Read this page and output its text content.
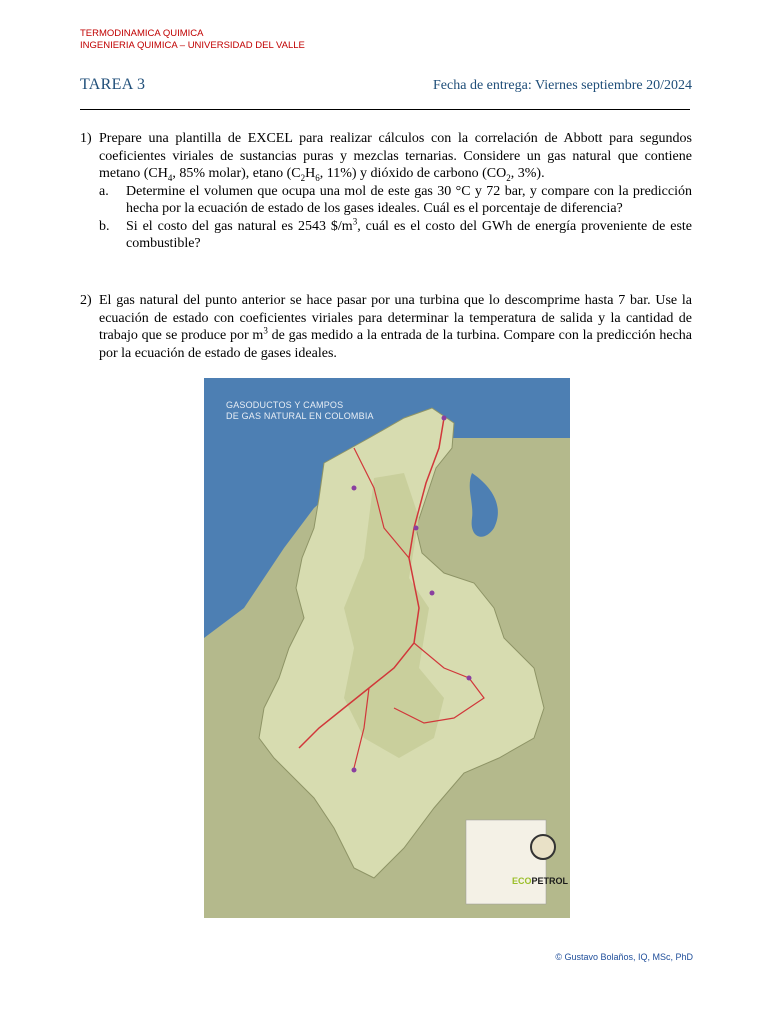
TERMODINAMICA QUIMICA
INGENIERIA QUIMICA – UNIVERSIDAD DEL VALLE
TAREA 3	Fecha de entrega: Viernes septiembre 20/2024
1) Prepare una plantilla de EXCEL para realizar cálculos con la correlación de Abbott para segundos coeficientes viriales de sustancias puras y mezclas ternarias. Considere un gas natural que contiene metano ($CH_4$, 85% molar), etano ($C_2H_6$, 11%) y dióxido de carbono ($CO_2$, 3%).
a. Determine el volumen que ocupa una mol de este gas 30 °C y 72 bar, y compare con la predicción hecha por la ecuación de estado de los gases ideales. Cuál es el porcentaje de diferencia?
b. Si el costo del gas natural es 2543 $\$/m^3$, cuál es el costo del GWh de energía proveniente de este combustible?
2) El gas natural del punto anterior se hace pasar por una turbina que lo descomprime hasta 7 bar. Use la ecuación de estado con coeficientes viriales para determinar la temperatura de salida y la cantidad de trabajo que se produce por $m^3$ de gas medido a la entrada de la turbina. Compare con la predicción hecha por la ecuación de estado de gases ideales.
GASODUCTOS Y CAMPOS
DE GAS NATURAL EN COLOMBIA
ECOPETROL
© Gustavo Bolaños, IQ, MSc, PhD
